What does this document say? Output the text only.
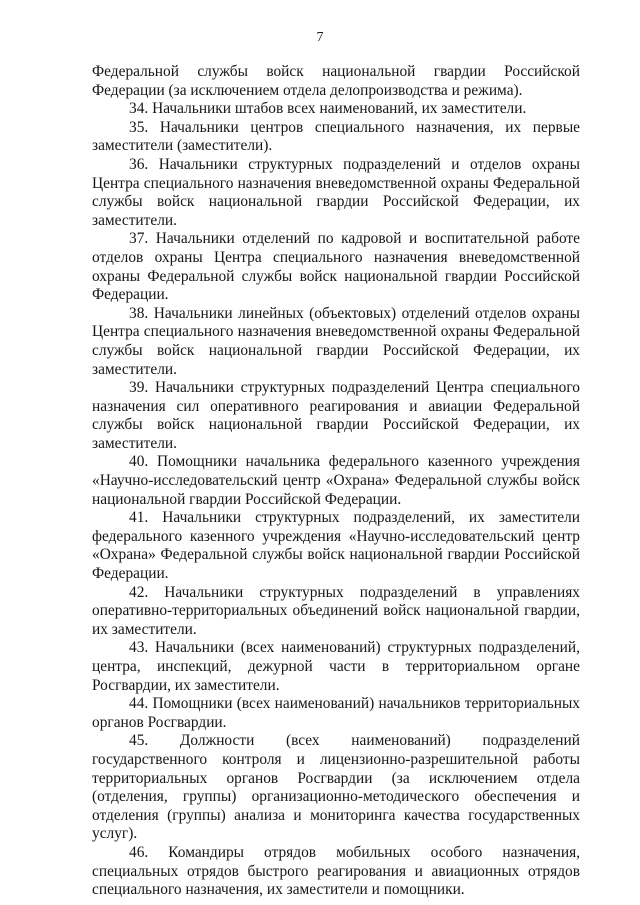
7

Федеральной службы войск национальной гвардии Российской Федерации (за исключением отдела делопроизводства и режима).

34. Начальники штабов всех наименований, их заместители.

35. Начальники центров специального назначения, их первые заместители (заместители).

36. Начальники структурных подразделений и отделов охраны Центра специального назначения вневедомственной охраны Федеральной службы войск национальной гвардии Российской Федерации, их заместители.

37. Начальники отделений по кадровой и воспитательной работе отделов охраны Центра специального назначения вневедомственной охраны Федеральной службы войск национальной гвардии Российской Федерации.

38. Начальники линейных (объектовых) отделений отделов охраны Центра специального назначения вневедомственной охраны Федеральной службы войск национальной гвардии Российской Федерации, их заместители.

39. Начальники структурных подразделений Центра специального назначения сил оперативного реагирования и авиации Федеральной службы войск национальной гвардии Российской Федерации, их заместители.

40. Помощники начальника федерального казенного учреждения «Научно-исследовательский центр «Охрана» Федеральной службы войск национальной гвардии Российской Федерации.

41. Начальники структурных подразделений, их заместители федерального казенного учреждения «Научно-исследовательский центр «Охрана» Федеральной службы войск национальной гвардии Российской Федерации.

42. Начальники структурных подразделений в управлениях оперативно-территориальных объединений войск национальной гвардии, их заместители.

43. Начальники (всех наименований) структурных подразделений, центра, инспекций, дежурной части в территориальном органе Росгвардии, их заместители.

44. Помощники (всех наименований) начальников территориальных органов Росгвардии.

45. Должности (всех наименований) подразделений государственного контроля и лицензионно-разрешительной работы территориальных органов Росгвардии (за исключением отдела (отделения, группы) организационно-методического обеспечения и отделения (группы) анализа и мониторинга качества государственных услуг).

46. Командиры отрядов мобильных особого назначения, специальных отрядов быстрого реагирования и авиационных отрядов специального назначения, их заместители и помощники.
